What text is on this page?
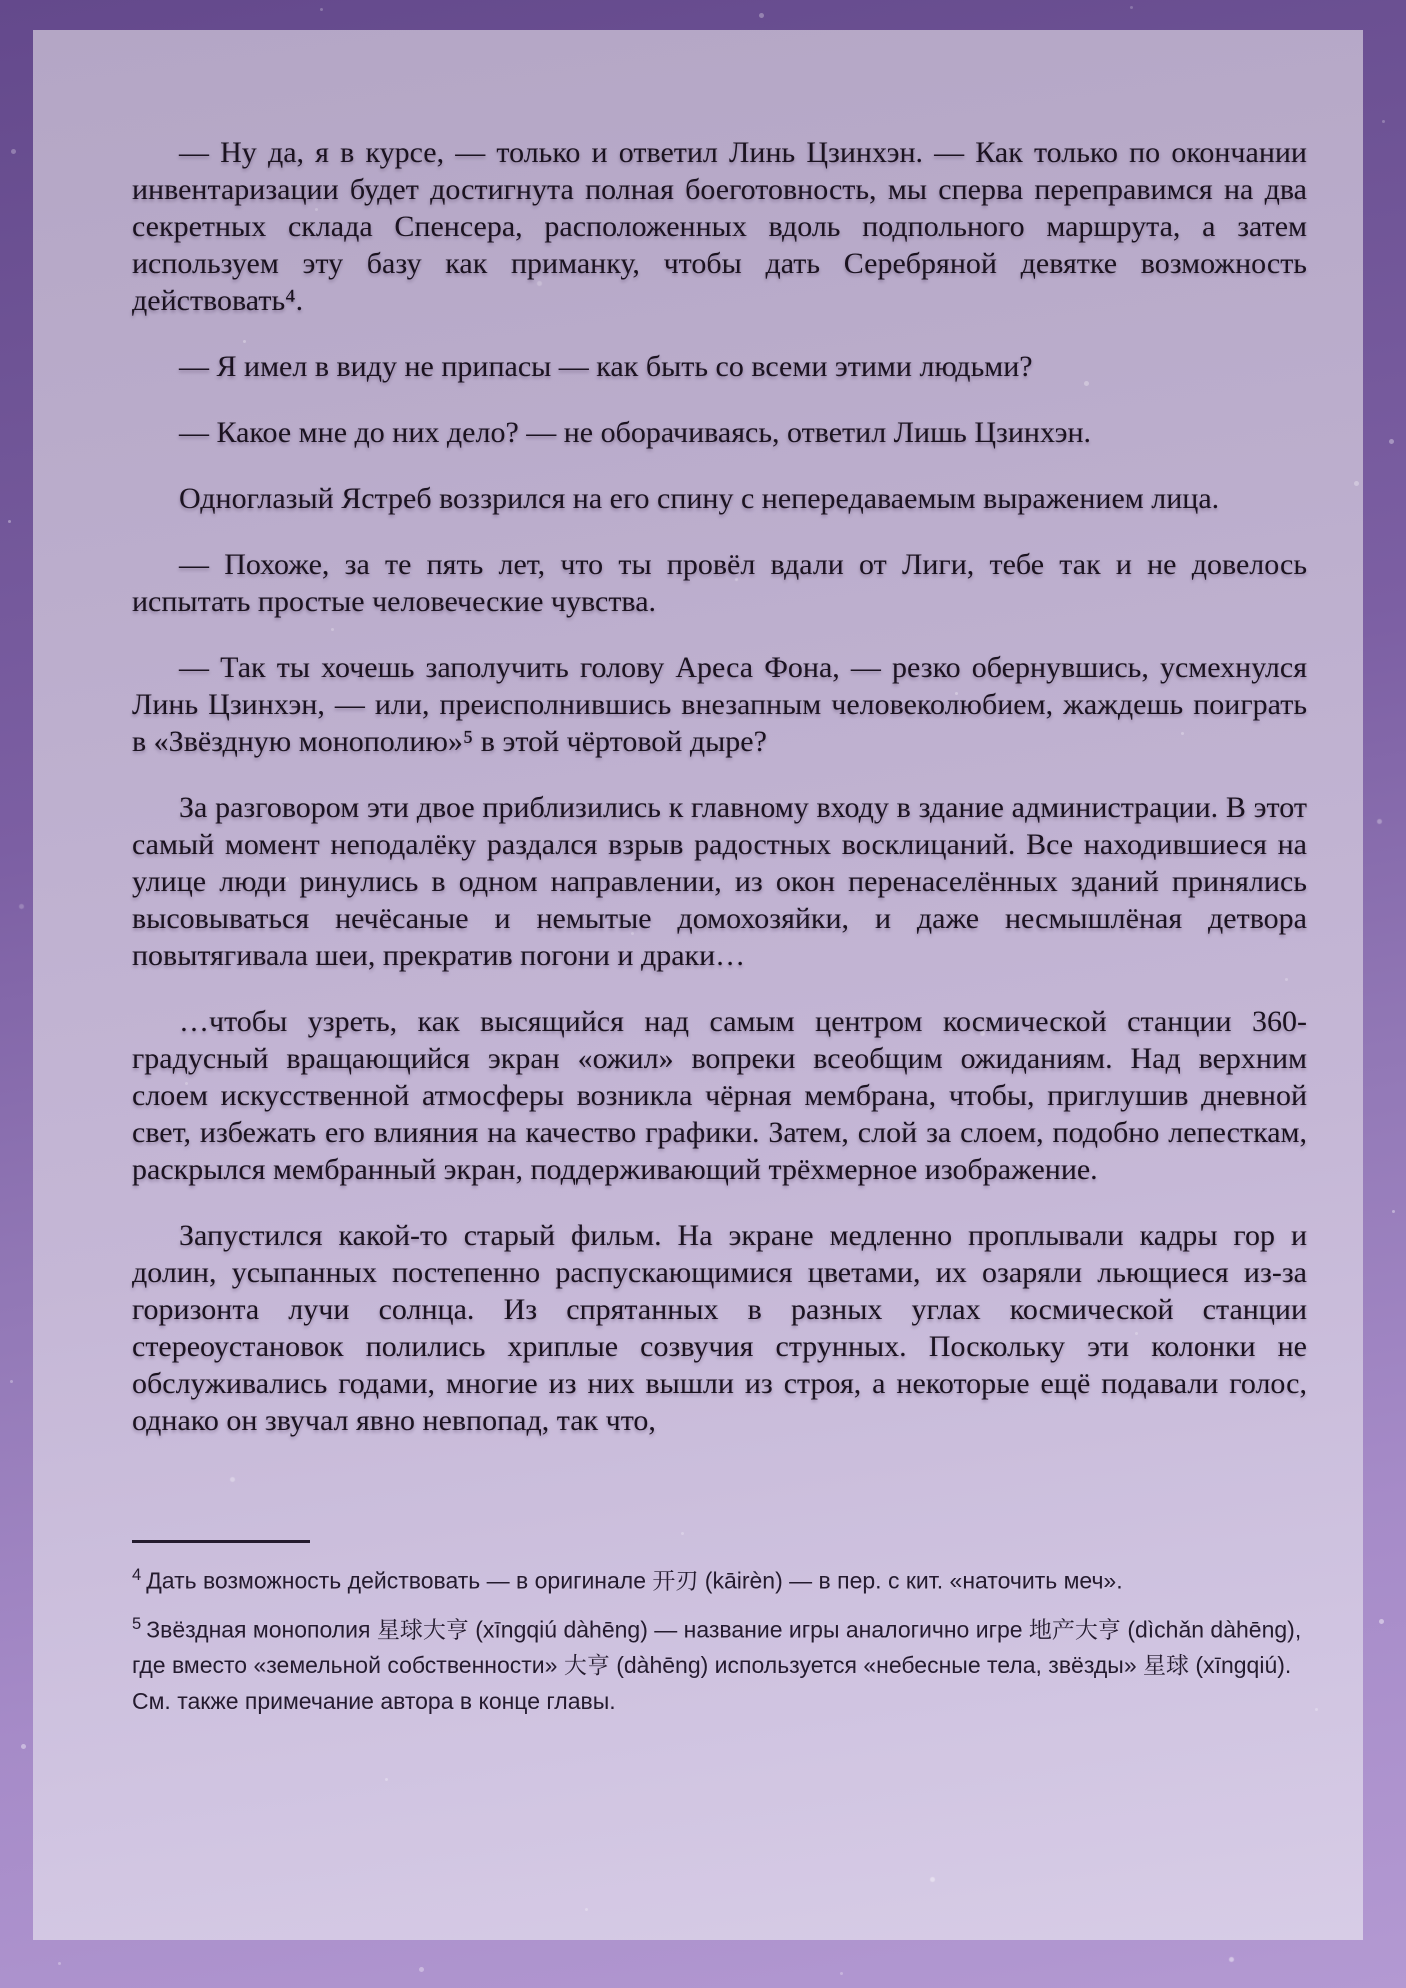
— Ну да, я в курсе, — только и ответил Линь Цзинхэн. — Как только по окончании инвентаризации будет достигнута полная боеготовность, мы сперва переправимся на два секретных склада Спенсера, расположенных вдоль подпольного маршрута, а затем используем эту базу как приманку, чтобы дать Серебряной девятке возможность действовать⁴.

— Я имел в виду не припасы — как быть со всеми этими людьми?

— Какое мне до них дело? — не оборачиваясь, ответил Лишь Цзинхэн.

Одноглазый Ястреб воззрился на его спину с непередаваемым выражением лица.

— Похоже, за те пять лет, что ты провёл вдали от Лиги, тебе так и не довелось испытать простые человеческие чувства.

— Так ты хочешь заполучить голову Ареса Фона, — резко обернувшись, усмехнулся Линь Цзинхэн, — или, преисполнившись внезапным человеколюбием, жаждешь поиграть в «Звёздную монополию»⁵ в этой чёртовой дыре?

За разговором эти двое приблизились к главному входу в здание администрации. В этот самый момент неподалёку раздался взрыв радостных восклицаний. Все находившиеся на улице люди ринулись в одном направлении, из окон перенаселённых зданий принялись высовываться нечёсаные и немытые домохозяйки, и даже несмышлёная детвора повытягивала шеи, прекратив погони и драки…

…чтобы узреть, как высящийся над самым центром космической станции 360-градусный вращающийся экран «ожил» вопреки всеобщим ожиданиям. Над верхним слоем искусственной атмосферы возникла чёрная мембрана, чтобы, приглушив дневной свет, избежать его влияния на качество графики. Затем, слой за слоем, подобно лепесткам, раскрылся мембранный экран, поддерживающий трёхмерное изображение.

Запустился какой-то старый фильм. На экране медленно проплывали кадры гор и долин, усыпанных постепенно распускающимися цветами, их озаряли льющиеся из-за горизонта лучи солнца. Из спрятанных в разных углах космической станции стереоустановок полились хриплые созвучия струнных. Поскольку эти колонки не обслуживались годами, многие из них вышли из строя, а некоторые ещё подавали голос, однако он звучал явно невпопад, так что,

$^4$ Дать возможность действовать — в оригинале 开刃 (kāirèn) — в пер. с кит. «наточить меч».
$^5$ Звёздная монополия 星球大亨 (xīngqiú dàhēng) — название игры аналогично игре 地产大亨 (dìchǎn dàhēng), где вместо «земельной собственности» 大亨 (dàhēng) используется «небесные тела, звёзды» 星球 (xīngqiú). См. также примечание автора в конце главы.
